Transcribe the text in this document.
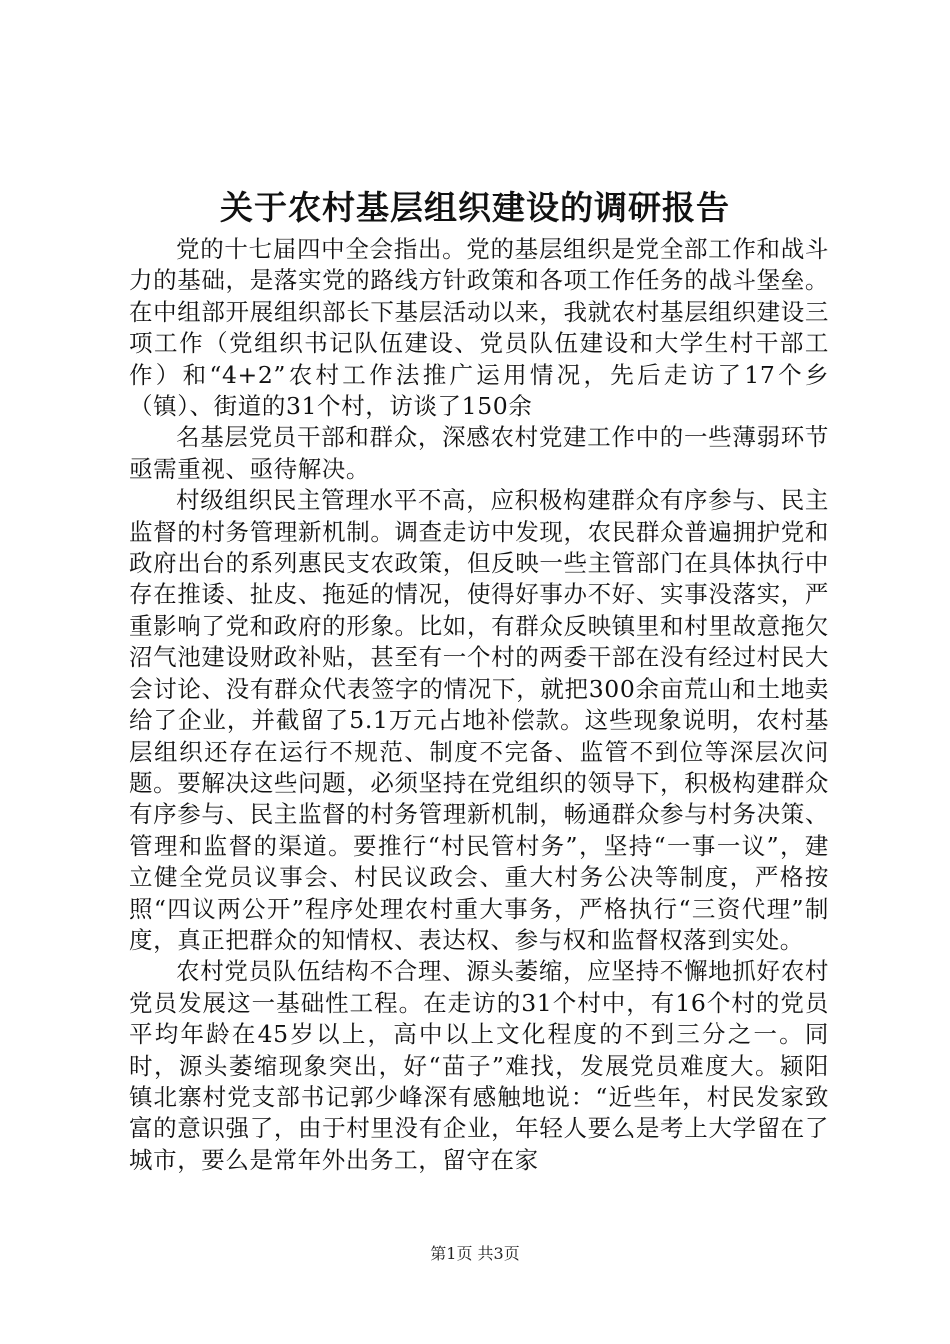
关于农村基层组织建设的调研报告

党的十七届四中全会指出。党的基层组织是党全部工作和战斗力的基础，是落实党的路线方针政策和各项工作任务的战斗堡垒。在中组部开展组织部长下基层活动以来，我就农村基层组织建设三项工作（党组织书记队伍建设、党员队伍建设和大学生村干部工作）和“4+2”农村工作法推广运用情况，先后走访了17个乡（镇）、街道的31个村，访谈了150余

名基层党员干部和群众，深感农村党建工作中的一些薄弱环节亟需重视、亟待解决。

村级组织民主管理水平不高，应积极构建群众有序参与、民主监督的村务管理新机制。调查走访中发现，农民群众普遍拥护党和政府出台的系列惠民支农政策，但反映一些主管部门在具体执行中存在推诿、扯皮、拖延的情况，使得好事办不好、实事没落实，严重影响了党和政府的形象。比如，有群众反映镇里和村里故意拖欠沼气池建设财政补贴，甚至有一个村的两委干部在没有经过村民大会讨论、没有群众代表签字的情况下，就把300余亩荒山和土地卖给了企业，并截留了5.1万元占地补偿款。这些现象说明，农村基层组织还存在运行不规范、制度不完备、监管不到位等深层次问题。要解决这些问题，必须坚持在党组织的领导下，积极构建群众有序参与、民主监督的村务管理新机制，畅通群众参与村务决策、管理和监督的渠道。要推行“村民管村务”，坚持“一事一议”，建立健全党员议事会、村民议政会、重大村务公决等制度，严格按照“四议两公开”程序处理农村重大事务，严格执行“三资代理”制度，真正把群众的知情权、表达权、参与权和监督权落到实处。

农村党员队伍结构不合理、源头萎缩，应坚持不懈地抓好农村党员发展这一基础性工程。在走访的31个村中，有16个村的党员平均年龄在45岁以上，高中以上文化程度的不到三分之一。同时，源头萎缩现象突出，好“苗子”难找，发展党员难度大。颍阳镇北寨村党支部书记郭少峰深有感触地说：“近些年，村民发家致富的意识强了，由于村里没有企业，年轻人要么是考上大学留在了城市，要么是常年外出务工，留守在家

第1页 共3页
